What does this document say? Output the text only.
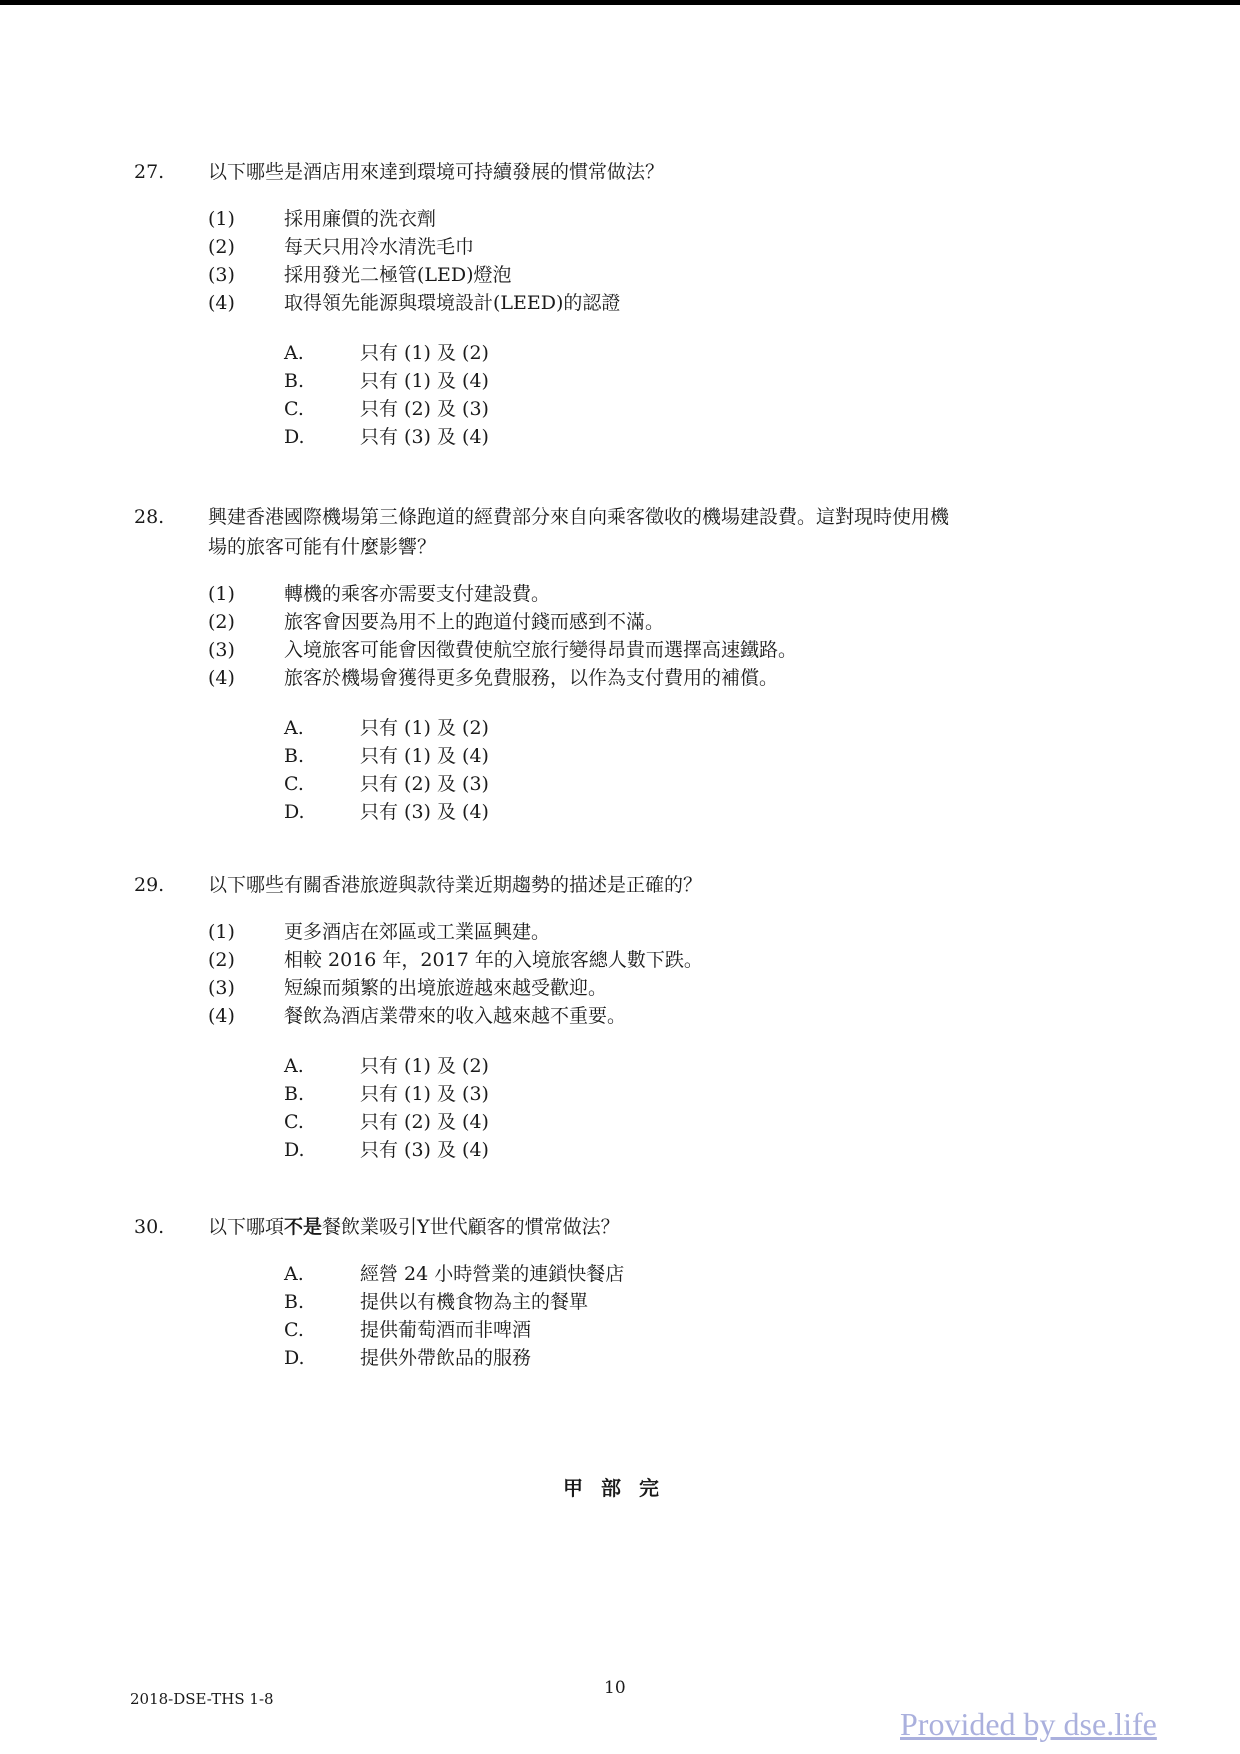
27.	以下哪些是酒店用來達到環境可持續發展的慣常做法？
(1)	採用廉價的洗衣劑
(2)	每天只用冷水清洗毛巾
(3)	採用發光二極管(LED)燈泡
(4)	取得領先能源與環境設計(LEED)的認證
A.	只有 (1) 及 (2)
B.	只有 (1) 及 (4)
C.	只有 (2) 及 (3)
D.	只有 (3) 及 (4)
28.	興建香港國際機場第三條跑道的經費部分來自向乘客徵收的機場建設費。這對現時使用機
場的旅客可能有什麼影響？
(1)	轉機的乘客亦需要支付建設費。
(2)	旅客會因要為用不上的跑道付錢而感到不滿。
(3)	入境旅客可能會因徵費使航空旅行變得昂貴而選擇高速鐵路。
(4)	旅客於機場會獲得更多免費服務，以作為支付費用的補償。
A.	只有 (1) 及 (2)
B.	只有 (1) 及 (4)
C.	只有 (2) 及 (3)
D.	只有 (3) 及 (4)
29.	以下哪些有關香港旅遊與款待業近期趨勢的描述是正確的？
(1)	更多酒店在郊區或工業區興建。
(2)	相較 2016 年，2017 年的入境旅客總人數下跌。
(3)	短線而頻繁的出境旅遊越來越受歡迎。
(4)	餐飲為酒店業帶來的收入越來越不重要。
A.	只有 (1) 及 (2)
B.	只有 (1) 及 (3)
C.	只有 (2) 及 (4)
D.	只有 (3) 及 (4)
30.	以下哪項不是餐飲業吸引Y世代顧客的慣常做法？
A.	經營 24 小時營業的連鎖快餐店
B.	提供以有機食物為主的餐單
C.	提供葡萄酒而非啤酒
D.	提供外帶飲品的服務
甲部完
2018-DSE-THS 1-8
10
Provided by dse.life
